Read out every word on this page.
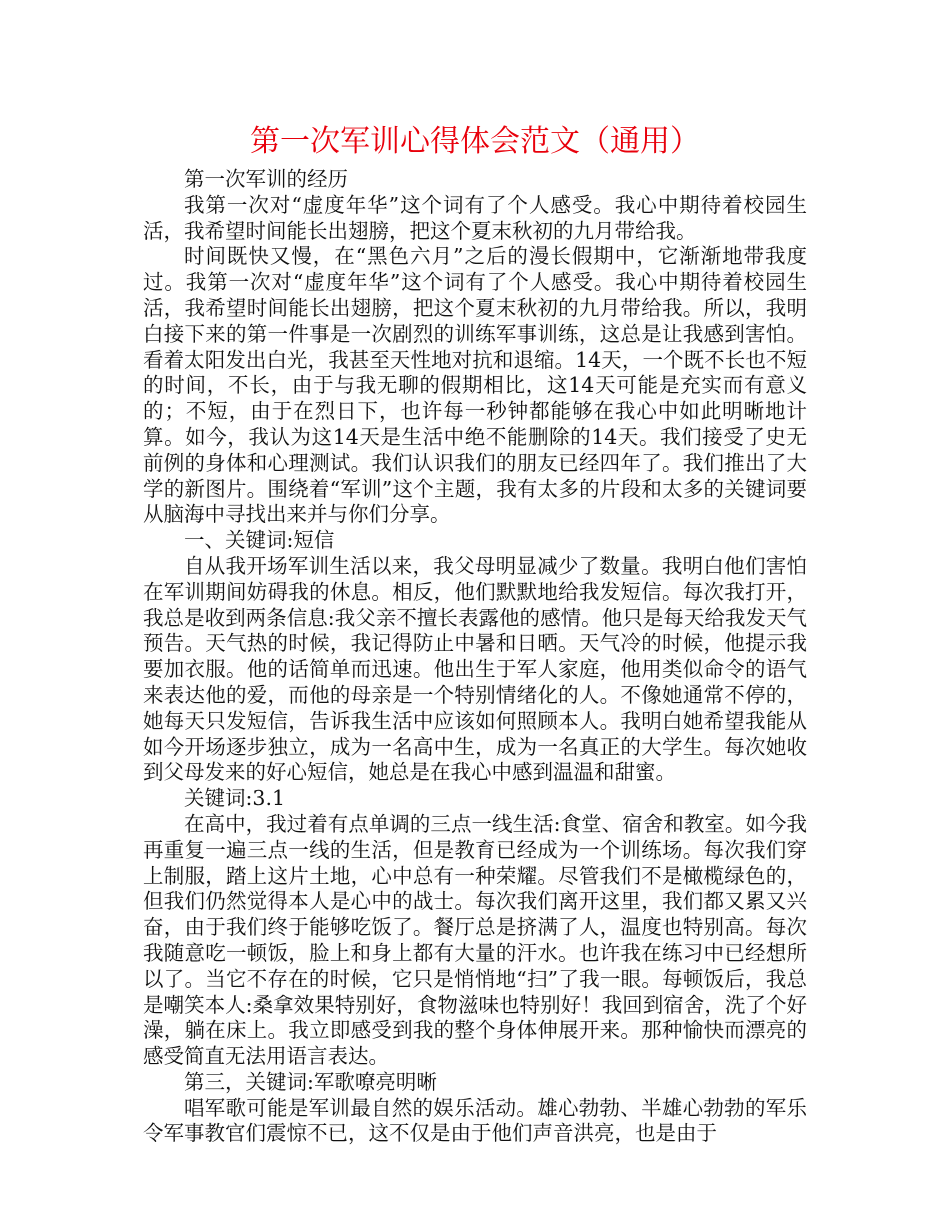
第一次军训心得体会范文（通用）

第一次军训的经历

我第一次对“虚度年华”这个词有了个人感受。我心中期待着校园生活，我希望时间能长出翅膀，把这个夏末秋初的九月带给我。

时间既快又慢，在“黑色六月”之后的漫长假期中，它渐渐地带我度过。我第一次对“虚度年华”这个词有了个人感受。我心中期待着校园生活，我希望时间能长出翅膀，把这个夏末秋初的九月带给我。所以，我明白接下来的第一件事是一次剧烈的训练军事训练，这总是让我感到害怕。看着太阳发出白光，我甚至天性地对抗和退缩。14天，一个既不长也不短的时间，不长，由于与我无聊的假期相比，这14天可能是充实而有意义的；不短，由于在烈日下，也许每一秒钟都能够在我心中如此明晰地计算。如今，我认为这14天是生活中绝不能删除的14天。我们接受了史无前例的身体和心理测试。我们认识我们的朋友已经四年了。我们推出了大学的新图片。围绕着“军训”这个主题，我有太多的片段和太多的关键词要从脑海中寻找出来并与你们分享。

一、关键词:短信

自从我开场军训生活以来，我父母明显减少了数量。我明白他们害怕在军训期间妨碍我的休息。相反，他们默默地给我发短信。每次我打开，我总是收到两条信息:我父亲不擅长表露他的感情。他只是每天给我发天气预告。天气热的时候，我记得防止中暑和日晒。天气冷的时候，他提示我要加衣服。他的话简单而迅速。他出生于军人家庭，他用类似命令的语气来表达他的爱，而他的母亲是一个特别情绪化的人。不像她通常不停的，她每天只发短信，告诉我生活中应该如何照顾本人。我明白她希望我能从如今开场逐步独立，成为一名高中生，成为一名真正的大学生。每次她收到父母发来的好心短信，她总是在我心中感到温温和甜蜜。

关键词:3.1

在高中，我过着有点单调的三点一线生活:食堂、宿舍和教室。如今我再重复一遍三点一线的生活，但是教育已经成为一个训练场。每次我们穿上制服，踏上这片土地，心中总有一种荣耀。尽管我们不是橄榄绿色的，但我们仍然觉得本人是心中的战士。每次我们离开这里，我们都又累又兴奋，由于我们终于能够吃饭了。餐厅总是挤满了人，温度也特别高。每次我随意吃一顿饭，脸上和身上都有大量的汗水。也许我在练习中已经想所以了。当它不存在的时候，它只是悄悄地“扫”了我一眼。每顿饭后，我总是嘲笑本人:桑拿效果特别好，食物滋味也特别好！我回到宿舍，洗了个好澡，躺在床上。我立即感受到我的整个身体伸展开来。那种愉快而漂亮的感受简直无法用语言表达。

第三，关键词:军歌嘹亮明晰

唱军歌可能是军训最自然的娱乐活动。雄心勃勃、半雄心勃勃的军乐令军事教官们震惊不已，这不仅是由于他们声音洪亮，也是由于
